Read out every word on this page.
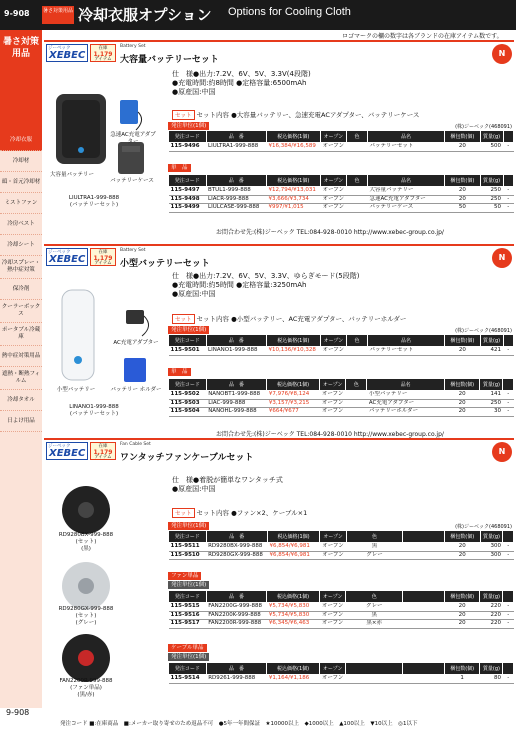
9-908	暑さ対策用品 冷却衣服オプション Options for Cooling Cloth
ロゴマークの欄の数字は各ブランドの在庫アイテム数です。
暑さ対策用品
冷却衣服
冷却材
頭・首元冷却材
ミストファン
冷房ベスト
冷却シート
冷却スプレー・熱中症対策
保冷剤
クーラーボックス
ポータブル冷蔵庫
熱中症対策用品
遮熱・断熱フィルム
冷却タオル
日よけ用品
ジーベック
XEBEC
在庫
1,179
アイテム
Battery Set
大容量バッテリーセット
N
仕　様●出力:7.2V、6V、5V、3.3V(4段階)
●充電時間:約8時間 ●定格容量:6500mAh
●原産国:中国
セット セット内容 ●大容量バッテリー、急速充電ACアダプター、バッテリーケース
発注単位(1個)	(株)ジーベック(468091)
急速AC充電アダプター
大容量バッテリー
バッテリーケース
LIULTRA1-999-888
(バッテリーセット)
発注コード	品　番	税込価格(1個)	オープン	色	品名	梱包数(個)	質量(g)	
115-9496	LIULTRA1-999-888	¥16,384/¥16,589	オープン		バッテリーセット	20	500	-
単　品
発注コード	品　番	税込価格(1個)	オープン	色	品名	梱包数(個)	質量(g)	
115-9497	BTUL1-999-888	¥12,794/¥13,031	オープン		大容量バッテリー	20	250	-
115-9498	LIACR-999-888	¥3,666/¥3,734	オープン		急速AC充電アダプター	20	250	-
115-9499	LIULCASE-999-888	¥997/¥1,015	オープン		バッテリーケース	50	50	-
お問合わせ先:(株)ジーベック TEL:084-928-0010 http://www.xebec-group.co.jp/
ジーベック
XEBEC
在庫
1,179
アイテム
Battery Set
小型バッテリーセット
N
仕　様●出力:7.2V、6V、5V、3.3V、ゆらぎモード(5段階)
●充電時間:約5時間 ●定格容量:3250mAh
●原産国:中国
セット セット内容 ●小型バッテリー、AC充電アダプター、バッテリーホルダー
発注単位(1個)	(株)ジーベック(468091)
AC充電アダプター
小型バッテリー	バッテリー ホルダー
LINANO1-999-888
(バッテリーセット)
発注コード	品　番	税込価格(1個)	オープン	色	品名	梱包数(個)	質量(g)	
115-9501	LINANO1-999-888	¥10,136/¥10,328	オープン		バッテリーセット	20	421	-
単　品
発注コード	品　番	税込価格(1個)	オープン	色	品名	梱包数(個)	質量(g)	
115-9502	NANOBT1-999-888	¥7,976/¥8,124	オープン		小型バッテリー	20	141	-
115-9503	LIAC-999-888	¥3,157/¥3,215	オープン		AC充電アダプター	20	250	-
115-9504	NANOHL-999-888	¥664/¥677	オープン		バッテリーホルダー	20	30	-
お問合わせ先:(株)ジーベック TEL:084-928-0010 http://www.xebec-group.co.jp/
ジーベック
XEBEC
在庫
1,179
アイテム
Fan Cable Set
ワンタッチファンケーブルセット
N
仕　様●着脱が簡単なワンタッチ式
●原産国:中国
セット セット内容 ●ファン×2、ケーブル×1
発注単位(1個)	(株)ジーベック(468091)
RD9280BX-999-888
(セット)
(黒)
RD9280GX-999-888
(セット)
(グレー)
FAN2200R-999-888
(ファン単品)
(黒/赤)
発注コード	品　番	税込価格(1個)	オープン	色		梱包数(個)	質量(g)	
115-9511	RD9280BX-999-888	¥6,854/¥6,981	オープン	黒		20	300	-
115-9510	RD9280GX-999-888	¥6,854/¥6,981	オープン	グレー		20	300	-
ファン単品
発注単位(1個)
発注コード	品　番	税込価格(1個)	オープン	色		梱包数(個)	質量(g)	
115-9515	FAN2200G-999-888	¥5,734/¥5,830	オープン	グレー		20	220	-
115-9516	FAN2200K-999-888	¥5,734/¥5,830	オープン	黒		20	220	-
115-9517	FAN2200R-999-888	¥6,345/¥6,463	オープン	黒×赤		20	220	-
ケーブル単品
発注単位(1個)
発注コード	品　番	税込価格(1個)	オープン			梱包数(個)	質量(g)	
115-9514	RD9261-999-888	¥1,164/¥1,186	オープン			1	80	-
9-908
発注コード ■:在庫商品　■:メーカー取り寄せのため返品不可　●5年一年間保証　★10000以上　◆1000以上　▲100以上　▼10以上　◎1以下
